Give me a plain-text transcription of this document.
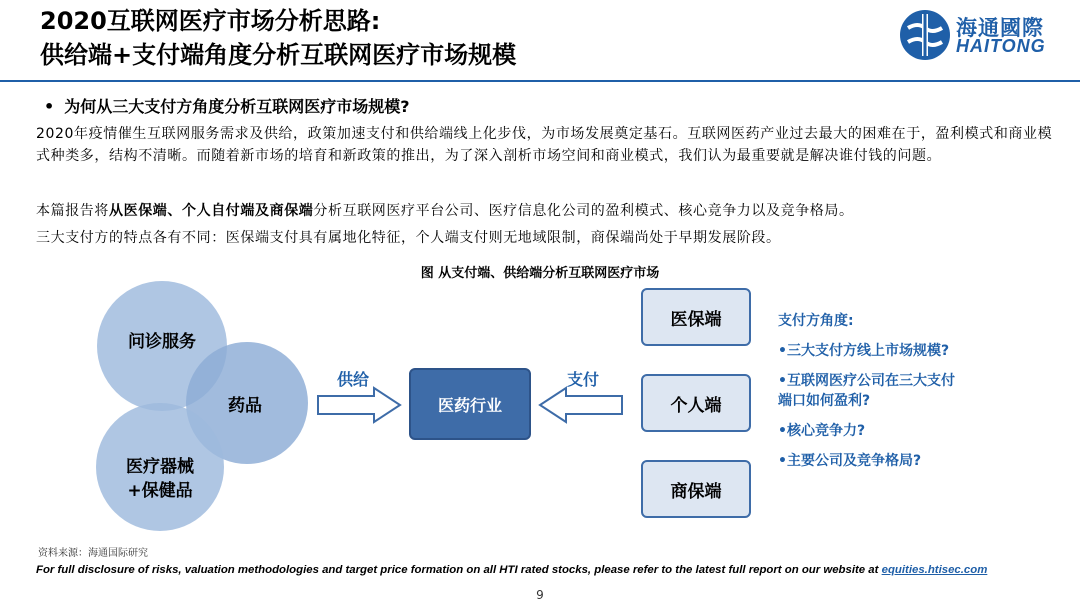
2020互联网医疗市场分析思路:
供给端+支付端角度分析互联网医疗市场规模
海通國際
HAITONG
• 为何从三大支付方角度分析互联网医疗市场规模?
2020年疫情催生互联网服务需求及供给，政策加速支付和供给端线上化步伐，为市场发展奠定基石。互联网医药产业过去最大的困难在于，盈利模式和商业模式种类多，结构不清晰。而随着新市场的培育和新政策的推出，为了深入剖析市场空间和商业模式，我们认为最重要就是解决谁付钱的问题。
本篇报告将从医保端、个人自付端及商保端分析互联网医疗平台公司、医疗信息化公司的盈利模式、核心竞争力以及竞争格局。
三大支付方的特点各有不同：医保端支付具有属地化特征，个人端支付则无地域限制，商保端尚处于早期发展阶段。
图 从支付端、供给端分析互联网医疗市场
问诊服务
药品
医疗器械
+保健品
供给
医药行业
支付
医保端
个人端
商保端
支付方角度:
•三大支付方线上市场规模?
•互联网医疗公司在三大支付
端口如何盈利?
•核心竞争力?
•主要公司及竞争格局?
资料来源：海通国际研究
For full disclosure of risks, valuation methodologies and target price formation on all HTI rated stocks, please refer to the latest full report on our website at equities.htisec.com
9
